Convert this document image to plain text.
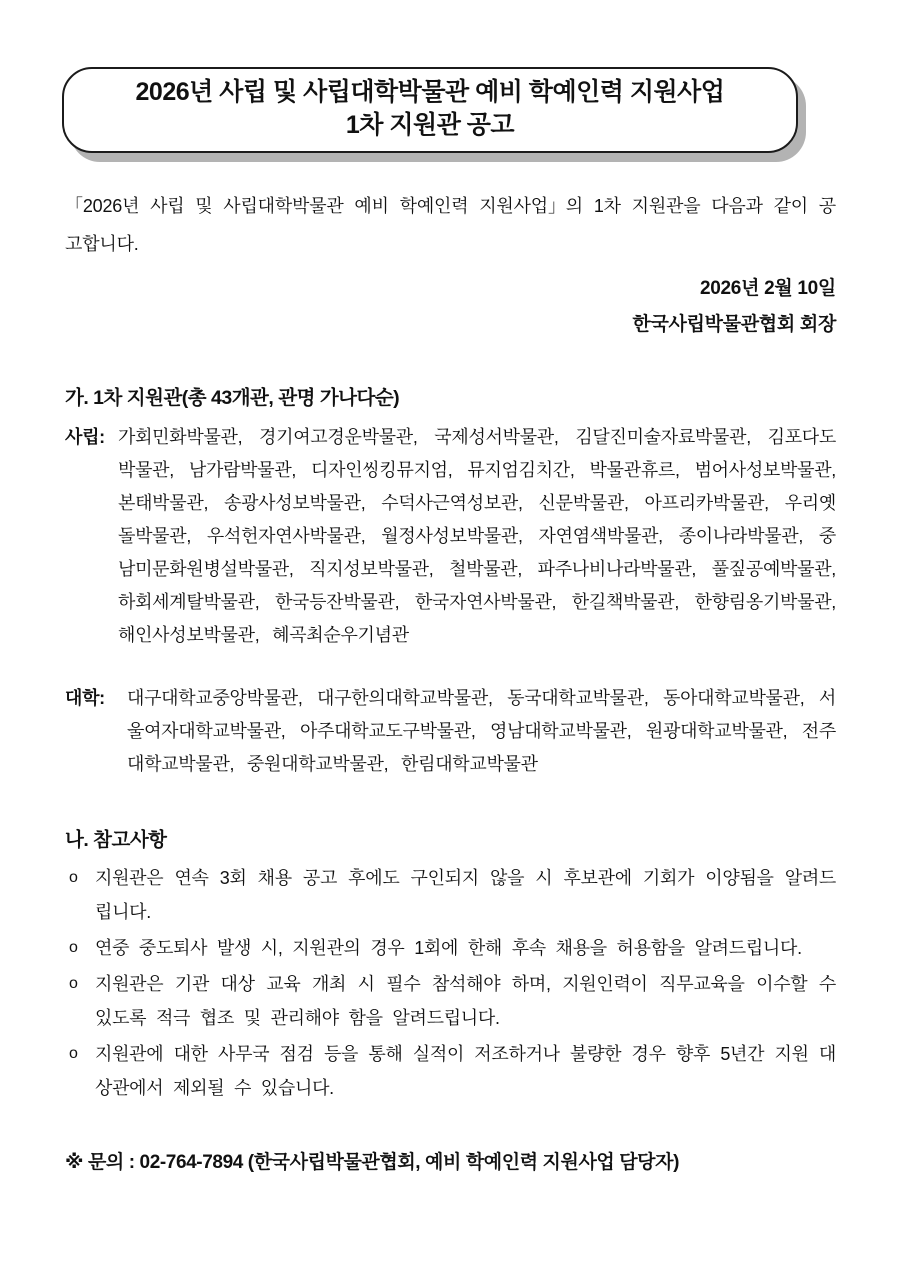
2026년 사립 및 사립대학박물관 예비 학예인력 지원사업
1차 지원관 공고
「2026년 사립 및 사립대학박물관 예비 학예인력 지원사업」의 1차 지원관을 다음과 같이 공고합니다.
2026년 2월 10일
한국사립박물관협회 회장
가. 1차 지원관(총 43개관, 관명 가나다순)
사립: 가회민화박물관, 경기여고경운박물관, 국제성서박물관, 김달진미술자료박물관, 김포다도박물관, 남가람박물관, 디자인씽킹뮤지엄, 뮤지엄김치간, 박물관휴르, 범어사성보박물관, 본태박물관, 송광사성보박물관, 수덕사근역성보관, 신문박물관, 아프리카박물관, 우리옛돌박물관, 우석헌자연사박물관, 월정사성보박물관, 자연염색박물관, 종이나라박물관, 중남미문화원병설박물관, 직지성보박물관, 철박물관, 파주나비나라박물관, 풀짚공예박물관, 하회세계탈박물관, 한국등잔박물관, 한국자연사박물관, 한길책박물관, 한향림옹기박물관, 해인사성보박물관, 혜곡최순우기념관
대학: 대구대학교중앙박물관, 대구한의대학교박물관, 동국대학교박물관, 동아대학교박물관, 서울여자대학교박물관, 아주대학교도구박물관, 영남대학교박물관, 원광대학교박물관, 전주대학교박물관, 중원대학교박물관, 한림대학교박물관
나. 참고사항
o 지원관은 연속 3회 채용 공고 후에도 구인되지 않을 시 후보관에 기회가 이양됨을 알려드립니다.
o 연중 중도퇴사 발생 시, 지원관의 경우 1회에 한해 후속 채용을 허용함을 알려드립니다.
o 지원관은 기관 대상 교육 개최 시 필수 참석해야 하며, 지원인력이 직무교육을 이수할 수 있도록 적극 협조 및 관리해야 함을 알려드립니다.
o 지원관에 대한 사무국 점검 등을 통해 실적이 저조하거나 불량한 경우 향후 5년간 지원 대상관에서 제외될 수 있습니다.
※ 문의 : 02-764-7894 (한국사립박물관협회, 예비 학예인력 지원사업 담당자)
